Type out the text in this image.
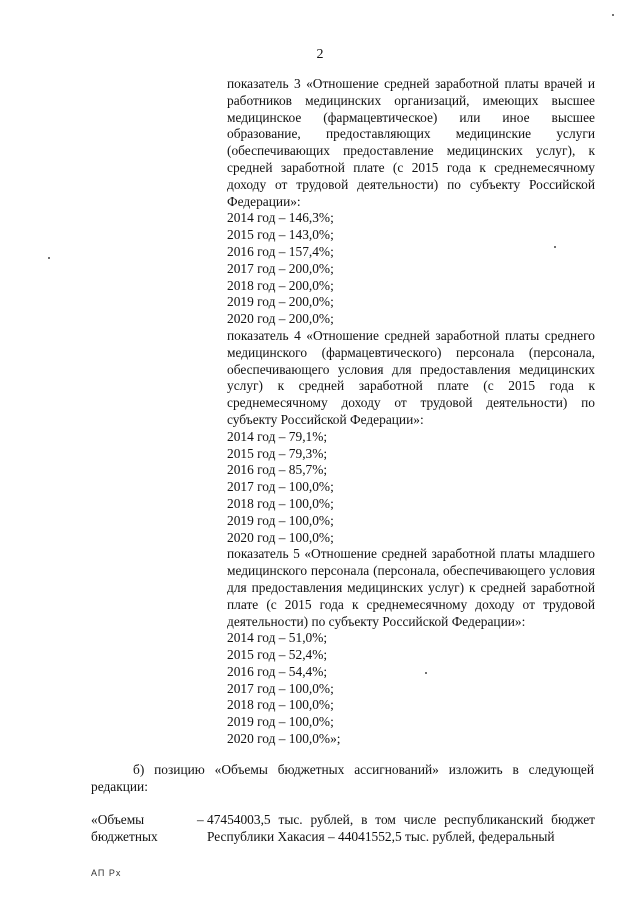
2

показатель 3 «Отношение средней заработной платы врачей и работников медицинских организаций, имеющих высшее медицинское (фармацевтическое) или иное высшее образование, предоставляющих медицинские услуги (обеспечивающих предоставление медицинских услуг), к средней заработной плате (с 2015 года к среднемесячному доходу от трудовой деятельности) по субъекту Российской Федерации»:

2014 год – 146,3%;

2015 год – 143,0%;

2016 год – 157,4%;

2017 год – 200,0%;

2018 год – 200,0%;

2019 год – 200,0%;

2020 год – 200,0%;

показатель 4 «Отношение средней заработной платы среднего медицинского (фармацевтического) персонала (персонала, обеспечивающего условия для предоставления медицинских услуг) к средней заработной плате (с 2015 года к среднемесячному доходу от трудовой деятельности) по субъекту Российской Федерации»:

2014 год – 79,1%;

2015 год – 79,3%;

2016 год – 85,7%;

2017 год – 100,0%;

2018 год – 100,0%;

2019 год – 100,0%;

2020 год – 100,0%;

показатель 5 «Отношение средней заработной платы младшего медицинского персонала (персонала, обеспечивающего условия для предоставления медицинских услуг) к средней заработной плате (с 2015 года к среднемесячному доходу от трудовой деятельности) по субъекту Российской Федерации»:

2014 год – 51,0%;

2015 год – 52,4%;

2016 год – 54,4%;

2017 год – 100,0%;

2018 год – 100,0%;

2019 год – 100,0%;

2020 год – 100,0%»;

б) позицию «Объемы бюджетных ассигнований» изложить в следующей редакции:

«Объемы бюджетных
– 47454003,5 тыс. рублей, в том числе республиканский бюджет Республики Хакасия – 44041552,5 тыс. рублей, федеральный
АП Рх
